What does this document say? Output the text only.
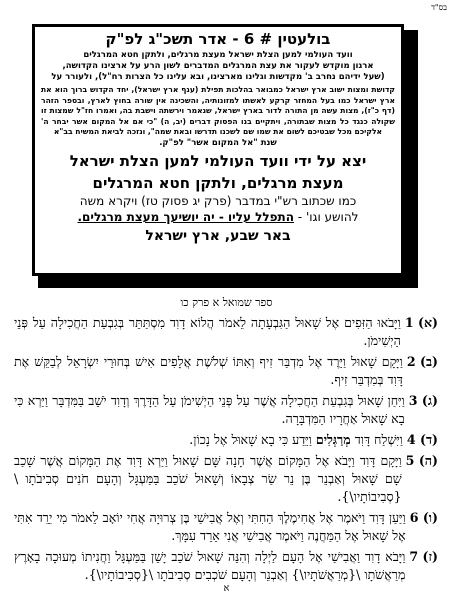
בס"ד
בולעטין # 6 - אדר תשכ"ג לפ"ק
וועד העולמי למען הצלת ישראל מעצת מרגלים, ולתקן חטא המרגלים
ארגון מוקדש לעקור את עצת המרגלים המדברים לשון הרע על ארצינו הקדושה,
(שעל ידיהם נחרב ב' מקדשות וגלינו מארצינו, ובא עלינו כל הצרות רח"ל), ולעורר על
קדושת ומצות ישוב ארץ ישראל כמבואר בהלכות תפילת (ענף ארץ ישראל), יחד הקדוש ברוך הוא את ארץ ישראל כמו בעל המחזר קרקע לאשתו למזונותיה, והשכינה אין שורה בחוץ לארץ, ובספר הזהר (דף כ"ז), מצות עשה מן התורה לדור בארץ ישראל, שנאמר וירשתה וישבת בה, ואמרו חז"ל שמצות זו שקולה כנגד כל מצות שבתורה, ויתקיים בנו הפסוק דברים (יב, ה) "כי אם אל המקום אשר יבחר ה' אלקיכם מכל שבטיכם לשום את שמו שם לשכנו תדרשו ובאת שמה", ונזכה לביאת המשיח בב"א
שנת "אל המקום אשר" לפ"ק.
יצא על ידי וועד העולמי למען הצלת ישראל
מעצת מרגלים, ולתקן חטא המרגלים
כמו שכתוב רש"י במדבר (פרק יג פסוק טז) ויקרא משה
להושע וגו' - התפלל עליו - יה יושיעך מעצת מרגלים.
באר שבע, ארץ ישראל
ספר שמואל א פרק כו
1 (א)
וַיָּבֹאוּ הַזִּפִים אֶל שָׁאוּל הַגִּבְעָתָה לֵאמֹר הֲלוֹא דָוִד מִסְתַּתֵּר בְּגִבְעַת הַחֲכִילָה עַל פְּנֵי הַיְשִׁימֹן.
2 (ב)
וַיָּקָם שָׁאוּל וַיֵּרֶד אֶל מִדְבַּר זִיף וְאִתּוֹ שְׁלֹשֶׁת אֲלָפִים אִישׁ בְּחוּרֵי יִשְׂרָאֵל לְבַקֵּשׁ אֶת דָּוִד בְּמִדְבַּר זִיף.
3 (ג)
וַיִּחַן שָׁאוּל בְּגִבְעַת הַחֲכִילָה אֲשֶׁר עַל פְּנֵי הַיְשִׁימֹן עַל הַדָּרֶךְ וְדָוִד יֹשֵׁב בַּמִּדְבָּר וַיַּרְא כִּי בָא שָׁאוּל אַחֲרָיו הַמִּדְבָּרָה.
4 (ד)
וַיִּשְׁלַח דָּוִד מְרַגְּלִים וַיֵּדַע כִּי בָא שָׁאוּל אֶל נָכוֹן.
5 (ה)
וַיָּקָם דָּוִד וַיָּבֹא אֶל הַמָּקוֹם אֲשֶׁר חָנָה שָּׁם שָׁאוּל וַיַּרְא דָּוִד אֶת הַמָּקוֹם אֲשֶׁר שָׁכַב שָׁם שָׁאוּל וְאַבְנֵר בֶּן נֵר שַׂר צְבָאוֹ וְשָׁאוּל שֹׁכֵב בַּמַּעְגָּל וְהָעָם חֹנִים סְבִיבֹתָו \{סְבִיבוֹתָיו\}.
6 (ו)
וַיַּעַן דָּוִד וַיֹּאמֶר אֶל אֲחִימֶלֶךְ הַחִתִּי וְאֶל אֲבִישַׁי בֶּן צְרוּיָה אֲחִי יוֹאָב לֵאמֹר מִי יֵרֵד אִתִּי אֶל שָׁאוּל אֶל הַמַּחֲנֶה וַיֹּאמֶר אֲבִישַׁי אֲנִי אֵרֵד עִמָּךְ.
7 (ז)
וַיָּבֹא דָוִד וַאֲבִישַׁי אֶל הָעָם לַיְלָה וְהִנֵּה שָׁאוּל שֹׁכֵב יָשֵׁן בַּמַּעְגָּל וַחֲנִיתוֹ מְעוּכָה בָאָרֶץ מְרַאֲשֹׁתָו \{מְרַאֲשֹׁתָיו\} וְאַבְנֵר וְהָעָם שֹׁכְבִים סְבִיבֹתָו \{סְבִיבוֹתָיו\}.
א
